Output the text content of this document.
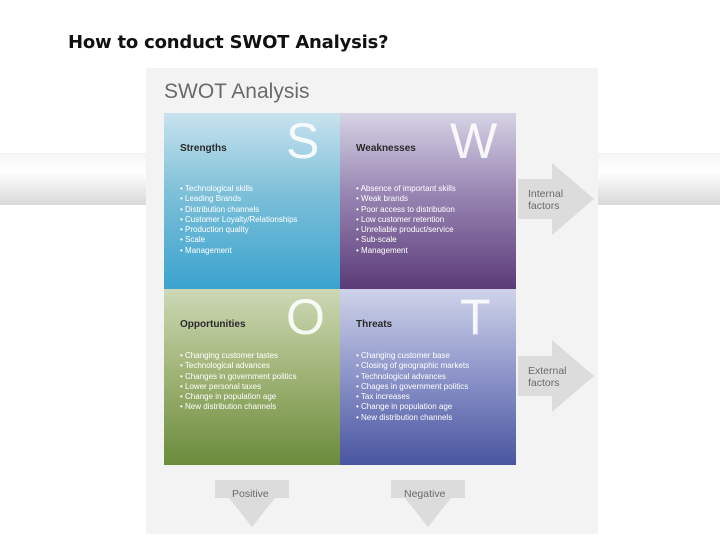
How to conduct SWOT Analysis?
SWOT Analysis
S
Strengths
• Technological skills
• Leading Brands
• Distribution channels
• Customer Loyalty/Relationships
• Production quality
• Scale
• Management
W
Weaknesses
• Absence of important skills
• Weak brands
• Poor access to distribution
• Low customer retention
• Unreliable product/service
• Sub-scale
• Management
O
Opportunities
• Changing customer tastes
• Technological advances
• Changes in government politics
• Lower personal taxes
• Change in population age
• New distribution channels
T
Threats
• Changing customer base
• Closing of geographic markets
• Technological advances
• Chages in government politics
• Tax increases
• Change in population age
• New distribution channels
Internal
factors
External
factors
Positive	Negative
